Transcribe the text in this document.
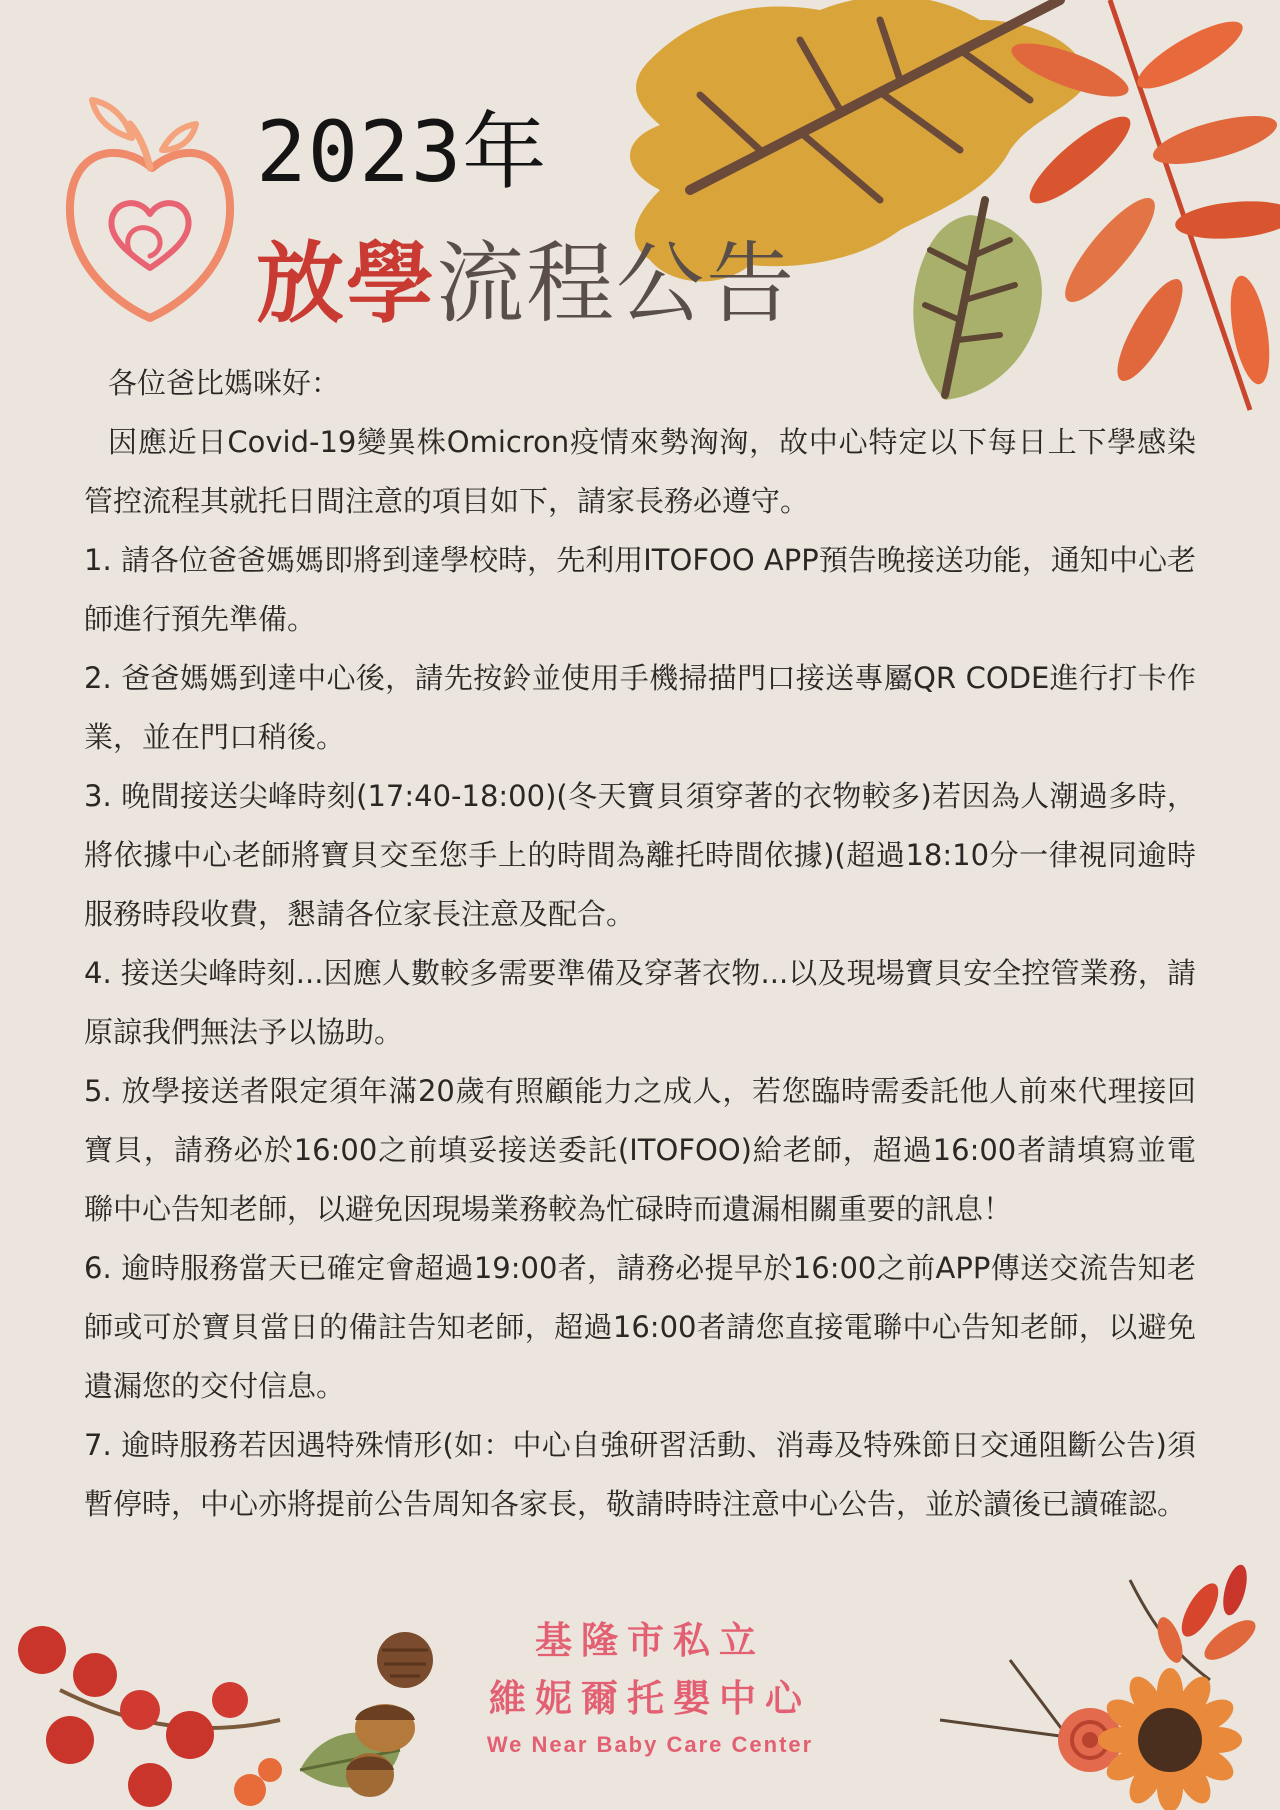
2023年
放學流程公告

各位爸比媽咪好：

因應近日Covid-19變異株Omicron疫情來勢洶洶，故中心特定以下每日上下學感染管控流程其就托日間注意的項目如下，請家長務必遵守。

1. 請各位爸爸媽媽即將到達學校時，先利用ITOFOO APP預告晚接送功能，通知中心老師進行預先準備。

2. 爸爸媽媽到達中心後，請先按鈴並使用手機掃描門口接送專屬QR CODE進行打卡作業，並在門口稍後。

3. 晚間接送尖峰時刻(17:40-18:00)(冬天寶貝須穿著的衣物較多)若因為人潮過多時，將依據中心老師將寶貝交至您手上的時間為離托時間依據)(超過18:10分一律視同逾時服務時段收費，懇請各位家長注意及配合。

4. 接送尖峰時刻...因應人數較多需要準備及穿著衣物...以及現場寶貝安全控管業務，請原諒我們無法予以協助。

5. 放學接送者限定須年滿20歲有照顧能力之成人，若您臨時需委託他人前來代理接回寶貝，請務必於16:00之前填妥接送委託(ITOFOO)給老師，超過16:00者請填寫並電聯中心告知老師，以避免因現場業務較為忙碌時而遺漏相關重要的訊息！

6. 逾時服務當天已確定會超過19:00者，請務必提早於16:00之前APP傳送交流告知老師或可於寶貝當日的備註告知老師，超過16:00者請您直接電聯中心告知老師，以避免遺漏您的交付信息。

7. 逾時服務若因遇特殊情形(如：中心自強研習活動、消毒及特殊節日交通阻斷公告)須暫停時，中心亦將提前公告周知各家長，敬請時時注意中心公告，並於讀後已讀確認。

基隆市私立
維妮爾托嬰中心
We Near Baby Care Center
